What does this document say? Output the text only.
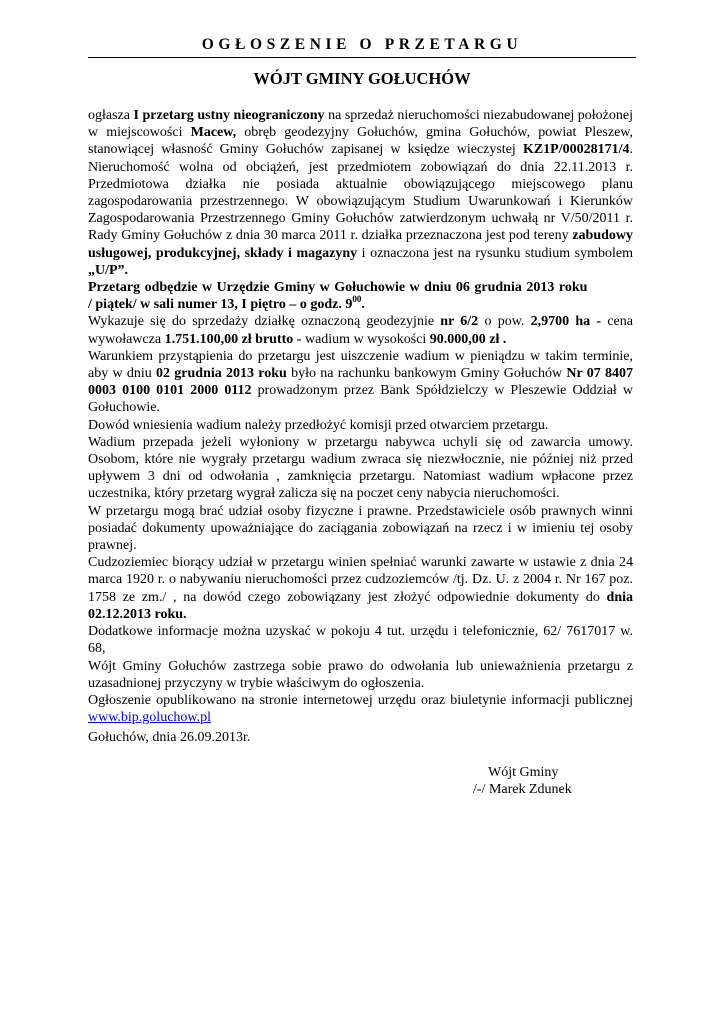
OGŁOSZENIE O PRZETARGU
WÓJT GMINY GOŁUCHÓW

ogłasza I przetarg ustny nieograniczony na sprzedaż nieruchomości niezabudowanej położonej w miejscowości Macew, obręb geodezyjny Gołuchów, gmina Gołuchów, powiat Pleszew, stanowiącej własność Gminy Gołuchów zapisanej w księdze wieczystej KZ1P/00028171/4. Nieruchomość wolna od obciążeń, jest przedmiotem zobowiązań do dnia 22.11.2013 r. Przedmiotowa działka nie posiada aktualnie obowiązującego miejscowego planu zagospodarowania przestrzennego. W obowiązującym Studium Uwarunkowań i Kierunków Zagospodarowania Przestrzennego Gminy Gołuchów zatwierdzonym uchwałą nr V/50/2011 r. Rady Gminy Gołuchów z dnia 30 marca 2011 r. działka przeznaczona jest pod tereny zabudowy usługowej, produkcyjnej, składy i magazyny i oznaczona jest na rysunku studium symbolem „U/P”.

Przetarg odbędzie w Urzędzie Gminy w Gołuchowie w dniu 06 grudnia 2013 roku
/ piątek/ w sali numer 13, I piętro – o godz. $9^{00}$.

Wykazuje się do sprzedaży działkę oznaczoną geodezyjnie nr 6/2 o pow. 2,9700 ha - cena wywoławcza 1.751.100,00 zł brutto - wadium w wysokości 90.000,00 zł .

Warunkiem przystąpienia do przetargu jest uiszczenie wadium w pieniądzu w takim terminie, aby w dniu 02 grudnia 2013 roku było na rachunku bankowym Gminy Gołuchów Nr 07 8407 0003 0100 0101 2000 0112 prowadzonym przez Bank Spółdzielczy w Pleszewie Oddział w Gołuchowie.

Dowód wniesienia wadium należy przedłożyć komisji przed otwarciem przetargu.

Wadium przepada jeżeli wyłoniony w przetargu nabywca uchyli się od zawarcia umowy. Osobom, które nie wygrały przetargu wadium zwraca się niezwłocznie, nie później niż przed upływem 3 dni od odwołania , zamknięcia przetargu. Natomiast wadium wpłacone przez uczestnika, który przetarg wygrał zalicza się na poczet ceny nabycia nieruchomości.

W przetargu mogą brać udział osoby fizyczne i prawne. Przedstawiciele osób prawnych winni posiadać dokumenty upoważniające do zaciągania zobowiązań na rzecz i w imieniu tej osoby prawnej.

Cudzoziemiec biorący udział w przetargu winien spełniać warunki zawarte w ustawie z dnia 24 marca 1920 r. o nabywaniu nieruchomości przez cudzoziemców /tj. Dz. U. z 2004 r. Nr 167 poz. 1758 ze zm./ , na dowód czego zobowiązany jest złożyć odpowiednie dokumenty do dnia 02.12.2013 roku.

Dodatkowe informacje można uzyskać w pokoju 4 tut. urzędu i telefonicznie, 62/ 7617017 w. 68,

Wójt Gminy Gołuchów zastrzega sobie prawo do odwołania lub unieważnienia przetargu z uzasadnionej przyczyny w trybie właściwym do ogłoszenia.

Ogłoszenie opublikowano na stronie internetowej urzędu oraz biuletynie informacji publicznej www.bip.goluchow.pl

Gołuchów, dnia 26.09.2013r.
Wójt Gminy
/-/ Marek Zdunek
